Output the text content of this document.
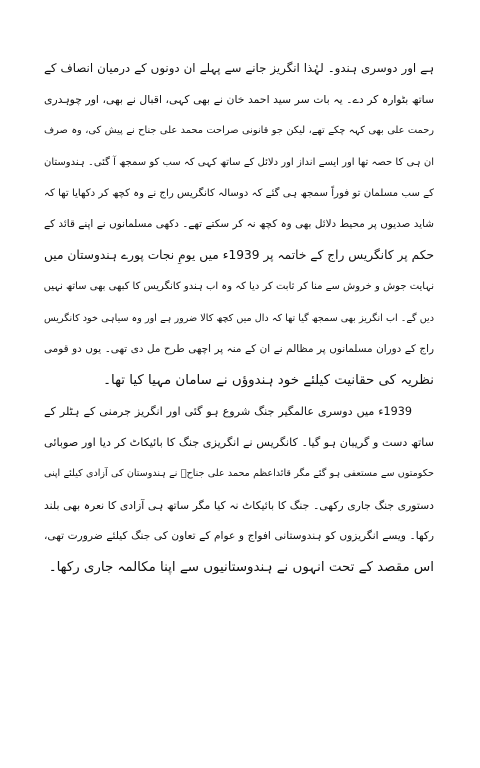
ہے اور دوسری ہندو۔ لہٰذا انگریز جانے سے پہلے ان دونوں کے درمیان انصاف کے
ساتھ بٹوارہ کر دے۔ یہ بات سر سید احمد خان نے بھی کہی، اقبال نے بھی، اور چوہدری
رحمت علی بھی کہہ چکے تھے، لیکن جو قانونی صراحت محمد علی جناح نے پیش کی، وہ صرف
ان ہی کا حصہ تھا اور ایسے انداز اور دلائل کے ساتھ کہی کہ سب کو سمجھ آ گئی۔ ہندوستان
کے سب مسلمان تو فوراً سمجھ ہی گئے کہ دوسالہ کانگریس راج نے وہ کچھ کر دکھایا تھا کہ
شاید صدیوں پر محیط دلائل بھی وہ کچھ نہ کر سکتے تھے۔ دکھی مسلمانوں نے اپنے قائد کے
حکم پر کانگریس راج کے خاتمہ پر 1939ء میں یومِ نجات پورے ہندوستان میں
نہایت جوش و خروش سے منا کر ثابت کر دیا کہ وہ اب ہندو کانگریس کا کبھی بھی ساتھ نہیں
دیں گے۔ اب انگریز بھی سمجھ گیا تھا کہ دال میں کچھ کالا ضرور ہے اور وہ سیاہی خود کانگریس
راج کے دوران مسلمانوں پر مظالم نے ان کے منہ پر اچھی طرح مل دی تھی۔ یوں دو قومی
نظریہ کی حقانیت کیلئے خود ہندوؤں نے سامان مہیا کیا تھا۔
1939ء میں دوسری عالمگیر جنگ شروع ہو گئی اور انگریز جرمنی کے ہٹلر کے
ساتھ دست و گریبان ہو گیا۔ کانگریس نے انگریزی جنگ کا بائیکاٹ کر دیا اور صوبائی
حکومتوں سے مستعفی ہو گئے مگر قائداعظم محمد علی جناحؒ نے ہندوستان کی آزادی کیلئے اپنی
دستوری جنگ جاری رکھی۔ جنگ کا بائیکاٹ نہ کیا مگر ساتھ ہی آزادی کا نعرہ بھی بلند
رکھا۔ ویسے انگریزوں کو ہندوستانی افواج و عوام کے تعاون کی جنگ کیلئے ضرورت تھی،
اس مقصد کے تحت انہوں نے ہندوستانیوں سے اپنا مکالمہ جاری رکھا۔
